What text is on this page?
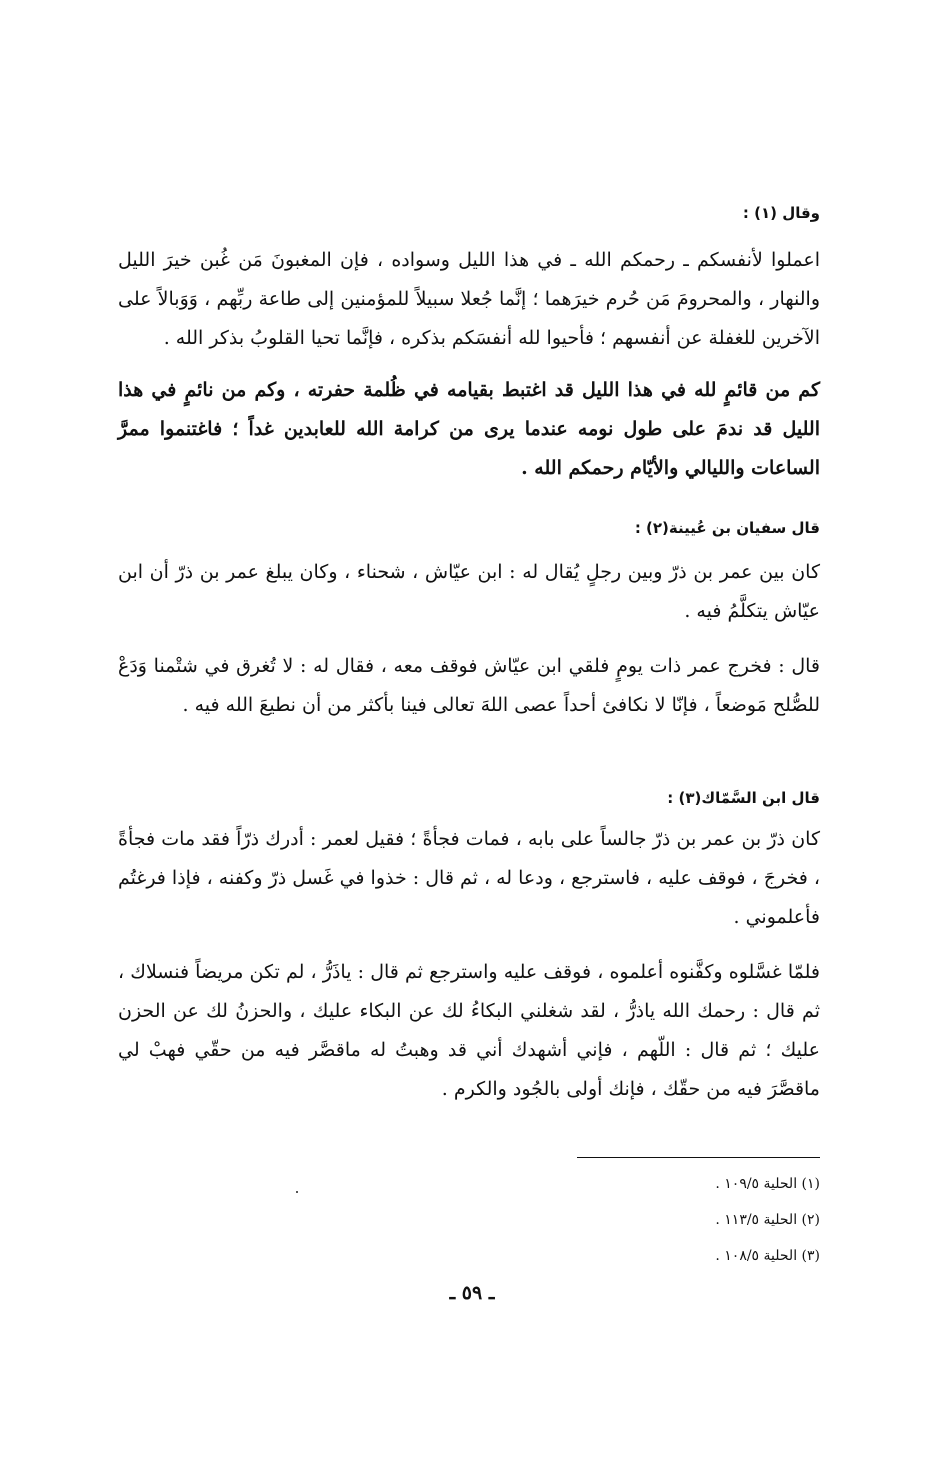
وقال (١) :
اعملوا لأنفسكم ـ رحمكم الله ـ في هذا الليل وسواده ، فإن المغبونَ مَن غُبن خيرَ الليل والنهار ، والمحرومَ مَن حُرم خيرَهما ؛ إنَّما جُعلا سبيلاً للمؤمنين إلى طاعة ربِّهم ، وَوَبالاً على الآخرين للغفلة عن أنفسهم ؛ فأحيوا لله أنفسَكم بذكره ، فإنَّما تحيا القلوبُ بذكر الله .
كم من قائمٍ لله في هذا الليل قد اغتبط بقيامه في ظُلمة حفرته ، وكم من نائمٍ في هذا الليل قد ندمَ على طول نومه عندما يرى من كرامة الله للعابدين غداً ؛ فاغتنموا ممرَّ الساعات والليالي والأيّام رحمكم الله .
قال سفيان بن عُيينة(٢) :
كان بين عمر بن ذرّ وبين رجلٍ يُقال له : ابن عيّاش ، شحناء ، وكان يبلغ عمر بن ذرّ أن ابن عيّاش يتكلَّمُ فيه .
قال : فخرج عمر ذات يومٍ فلقي ابن عيّاش فوقف معه ، فقال له : لا تُغرق في شتْمنا وَدَعْ للصُّلح مَوضعاً ، فإنّا لا نكافئ أحداً عصى اللهَ تعالى فينا بأكثر من أن نطيعَ الله فيه .
قال ابن السَّمّاك(٣) :
كان ذرّ بن عمر بن ذرّ جالساً على بابه ، فمات فجأةً ؛ فقيل لعمر : أدرك ذرّاً فقد مات فجأةً ، فخرجَ ، فوقف عليه ، فاسترجع ، ودعا له ، ثم قال : خذوا في غَسل ذرّ وكفنه ، فإذا فرغتُم فأعلموني .
فلمّا غسَّلوه وكفَّنوه أعلموه ، فوقف عليه واسترجع ثم قال : ياذَرُّ ، لم تكن مريضاً فنسلاك ، ثم قال : رحمك الله ياذرُّ ، لقد شغلني البكاءُ لك عن البكاء عليك ، والحزنُ لك عن الحزن عليك ؛ ثم قال : اللّهم ، فإني أشهدك أني قد وهبتُ له ماقصَّر فيه من حقّي فهبْ لي ماقصَّرَ فيه من حقّك ، فإنك أولى بالجُود والكرم .
(١) الحلية ١٠٩/٥ .
(٢) الحلية ١١٣/٥ .
(٣) الحلية ١٠٨/٥ .
ـ ٥٩ ـ
